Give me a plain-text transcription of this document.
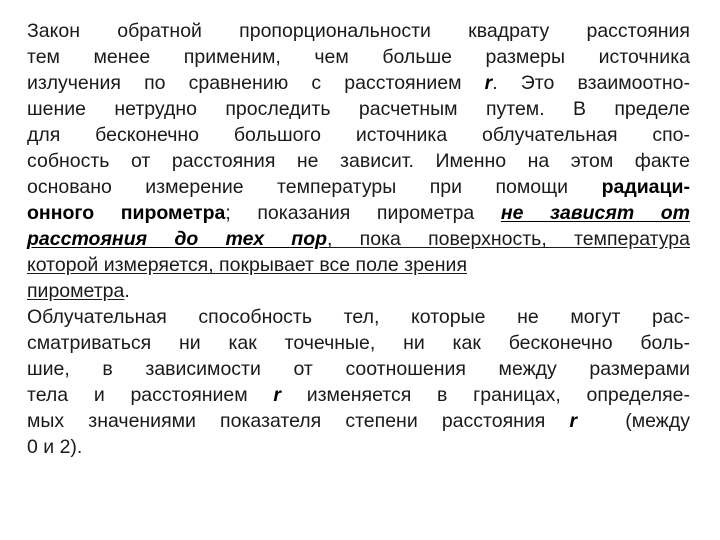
Закон обратной пропорциональности квадрату расстояния
тем менее применим, чем больше размеры источника
излучения по сравнению с расстоянием r. Это взаимоотно-
шение нетрудно проследить расчетным путем. В пределе
для бесконечно большого источника облучательная спо-
собность от расстояния не зависит. Именно на этом факте
основано измерение температуры при помощи радиаци-
онного пирометра; показания пирометра не зависят от
расстояния до тех пор, пока поверхность, температура
которой измеряется, покрывает все поле зрения
пирометра.
Облучательная способность тел, которые не могут рас-
сматриваться ни как точечные, ни как бесконечно боль-
шие, в зависимости от соотношения между размерами
тела и расстоянием r изменяется в границах, определяе-
мых значениями показателя степени расстояния r  (между
0 и 2).
